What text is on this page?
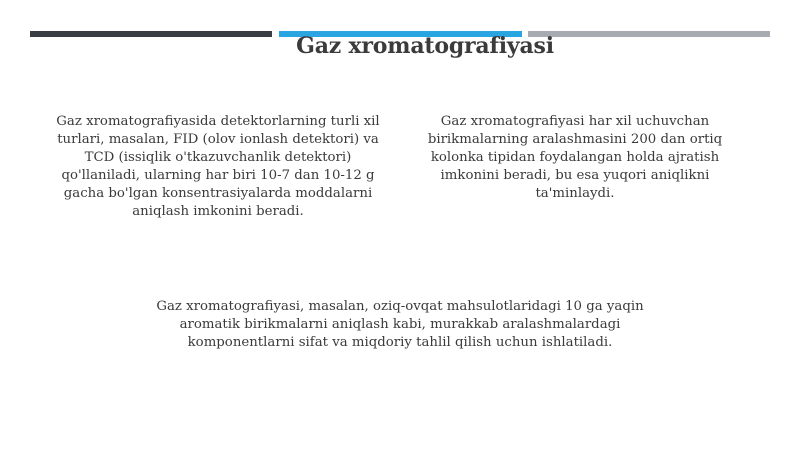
Gaz xromatografiyasi
Gaz xromatografiyasida detektorlarning turli xil turlari, masalan, FID (olov ionlash detektori) va TCD (issiqlik o'tkazuvchanlik detektori) qo'llaniladi, ularning har biri 10-7 dan 10-12 g gacha bo'lgan konsentrasiyalarda moddalarni aniqlash imkonini beradi.
Gaz xromatografiyasi har xil uchuvchan birikmalarning aralashmasini 200 dan ortiq kolonka tipidan foydalangan holda ajratish imkonini beradi, bu esa yuqori aniqlikni ta'minlaydi.
Gaz xromatografiyasi, masalan, oziq-ovqat mahsulotlaridagi 10 ga yaqin aromatik birikmalarni aniqlash kabi, murakkab aralashmalardagi komponentlarni sifat va miqdoriy tahlil qilish uchun ishlatiladi.
